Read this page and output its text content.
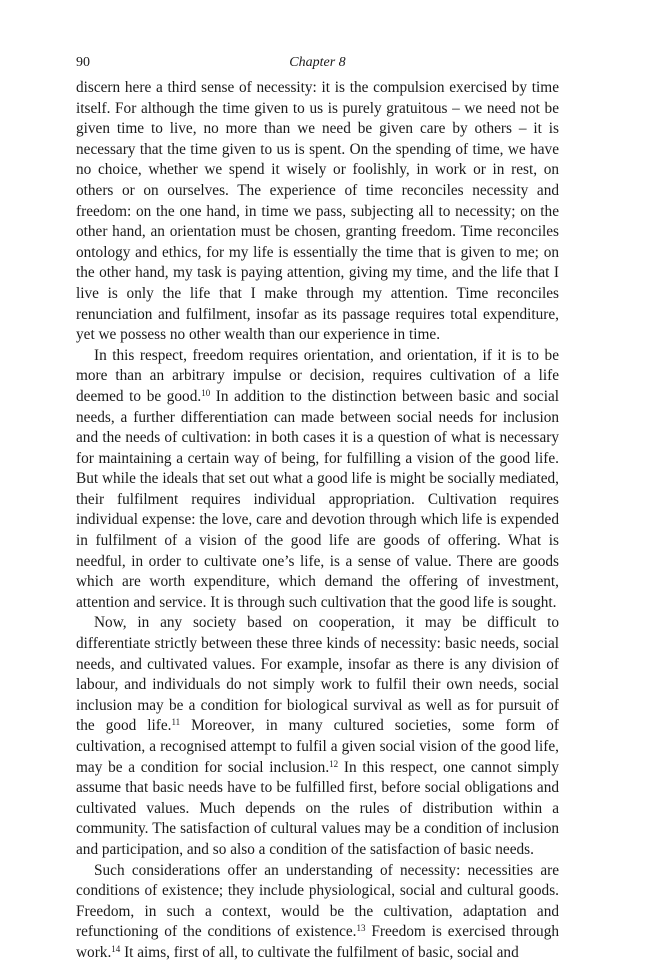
90	Chapter 8

discern here a third sense of necessity: it is the compulsion exercised by time itself. For although the time given to us is purely gratuitous – we need not be given time to live, no more than we need be given care by others – it is necessary that the time given to us is spent. On the spending of time, we have no choice, whether we spend it wisely or foolishly, in work or in rest, on others or on ourselves. The experience of time reconciles necessity and freedom: on the one hand, in time we pass, subjecting all to necessity; on the other hand, an orientation must be chosen, granting freedom. Time reconciles ontology and ethics, for my life is essentially the time that is given to me; on the other hand, my task is paying attention, giving my time, and the life that I live is only the life that I make through my attention. Time reconciles renunciation and fulfilment, insofar as its passage requires total expenditure, yet we possess no other wealth than our experience in time.

In this respect, freedom requires orientation, and orientation, if it is to be more than an arbitrary impulse or decision, requires cultivation of a life deemed to be good.$^{10}$ In addition to the distinction between basic and social needs, a further differentiation can made between social needs for inclusion and the needs of cultivation: in both cases it is a question of what is necessary for maintaining a certain way of being, for fulfilling a vision of the good life. But while the ideals that set out what a good life is might be socially mediated, their fulfilment requires individual appropriation. Cultivation requires individual expense: the love, care and devotion through which life is expended in fulfilment of a vision of the good life are goods of offering. What is needful, in order to cultivate one’s life, is a sense of value. There are goods which are worth expenditure, which demand the offering of investment, attention and service. It is through such cultivation that the good life is sought.

Now, in any society based on cooperation, it may be difficult to differentiate strictly between these three kinds of necessity: basic needs, social needs, and cultivated values. For example, insofar as there is any division of labour, and individuals do not simply work to fulfil their own needs, social inclusion may be a condition for biological survival as well as for pursuit of the good life.$^{11}$ Moreover, in many cultured societies, some form of cultivation, a recognised attempt to fulfil a given social vision of the good life, may be a condition for social inclusion.$^{12}$ In this respect, one cannot simply assume that basic needs have to be fulfilled first, before social obligations and cultivated values. Much depends on the rules of distribution within a community. The satisfaction of cultural values may be a condition of inclusion and participation, and so also a condition of the satisfaction of basic needs.

Such considerations offer an understanding of necessity: necessities are conditions of existence; they include physiological, social and cultural goods. Freedom, in such a context, would be the cultivation, adaptation and refunctioning of the conditions of existence.$^{13}$ Freedom is exercised through work.$^{14}$ It aims, first of all, to cultivate the fulfilment of basic, social and
